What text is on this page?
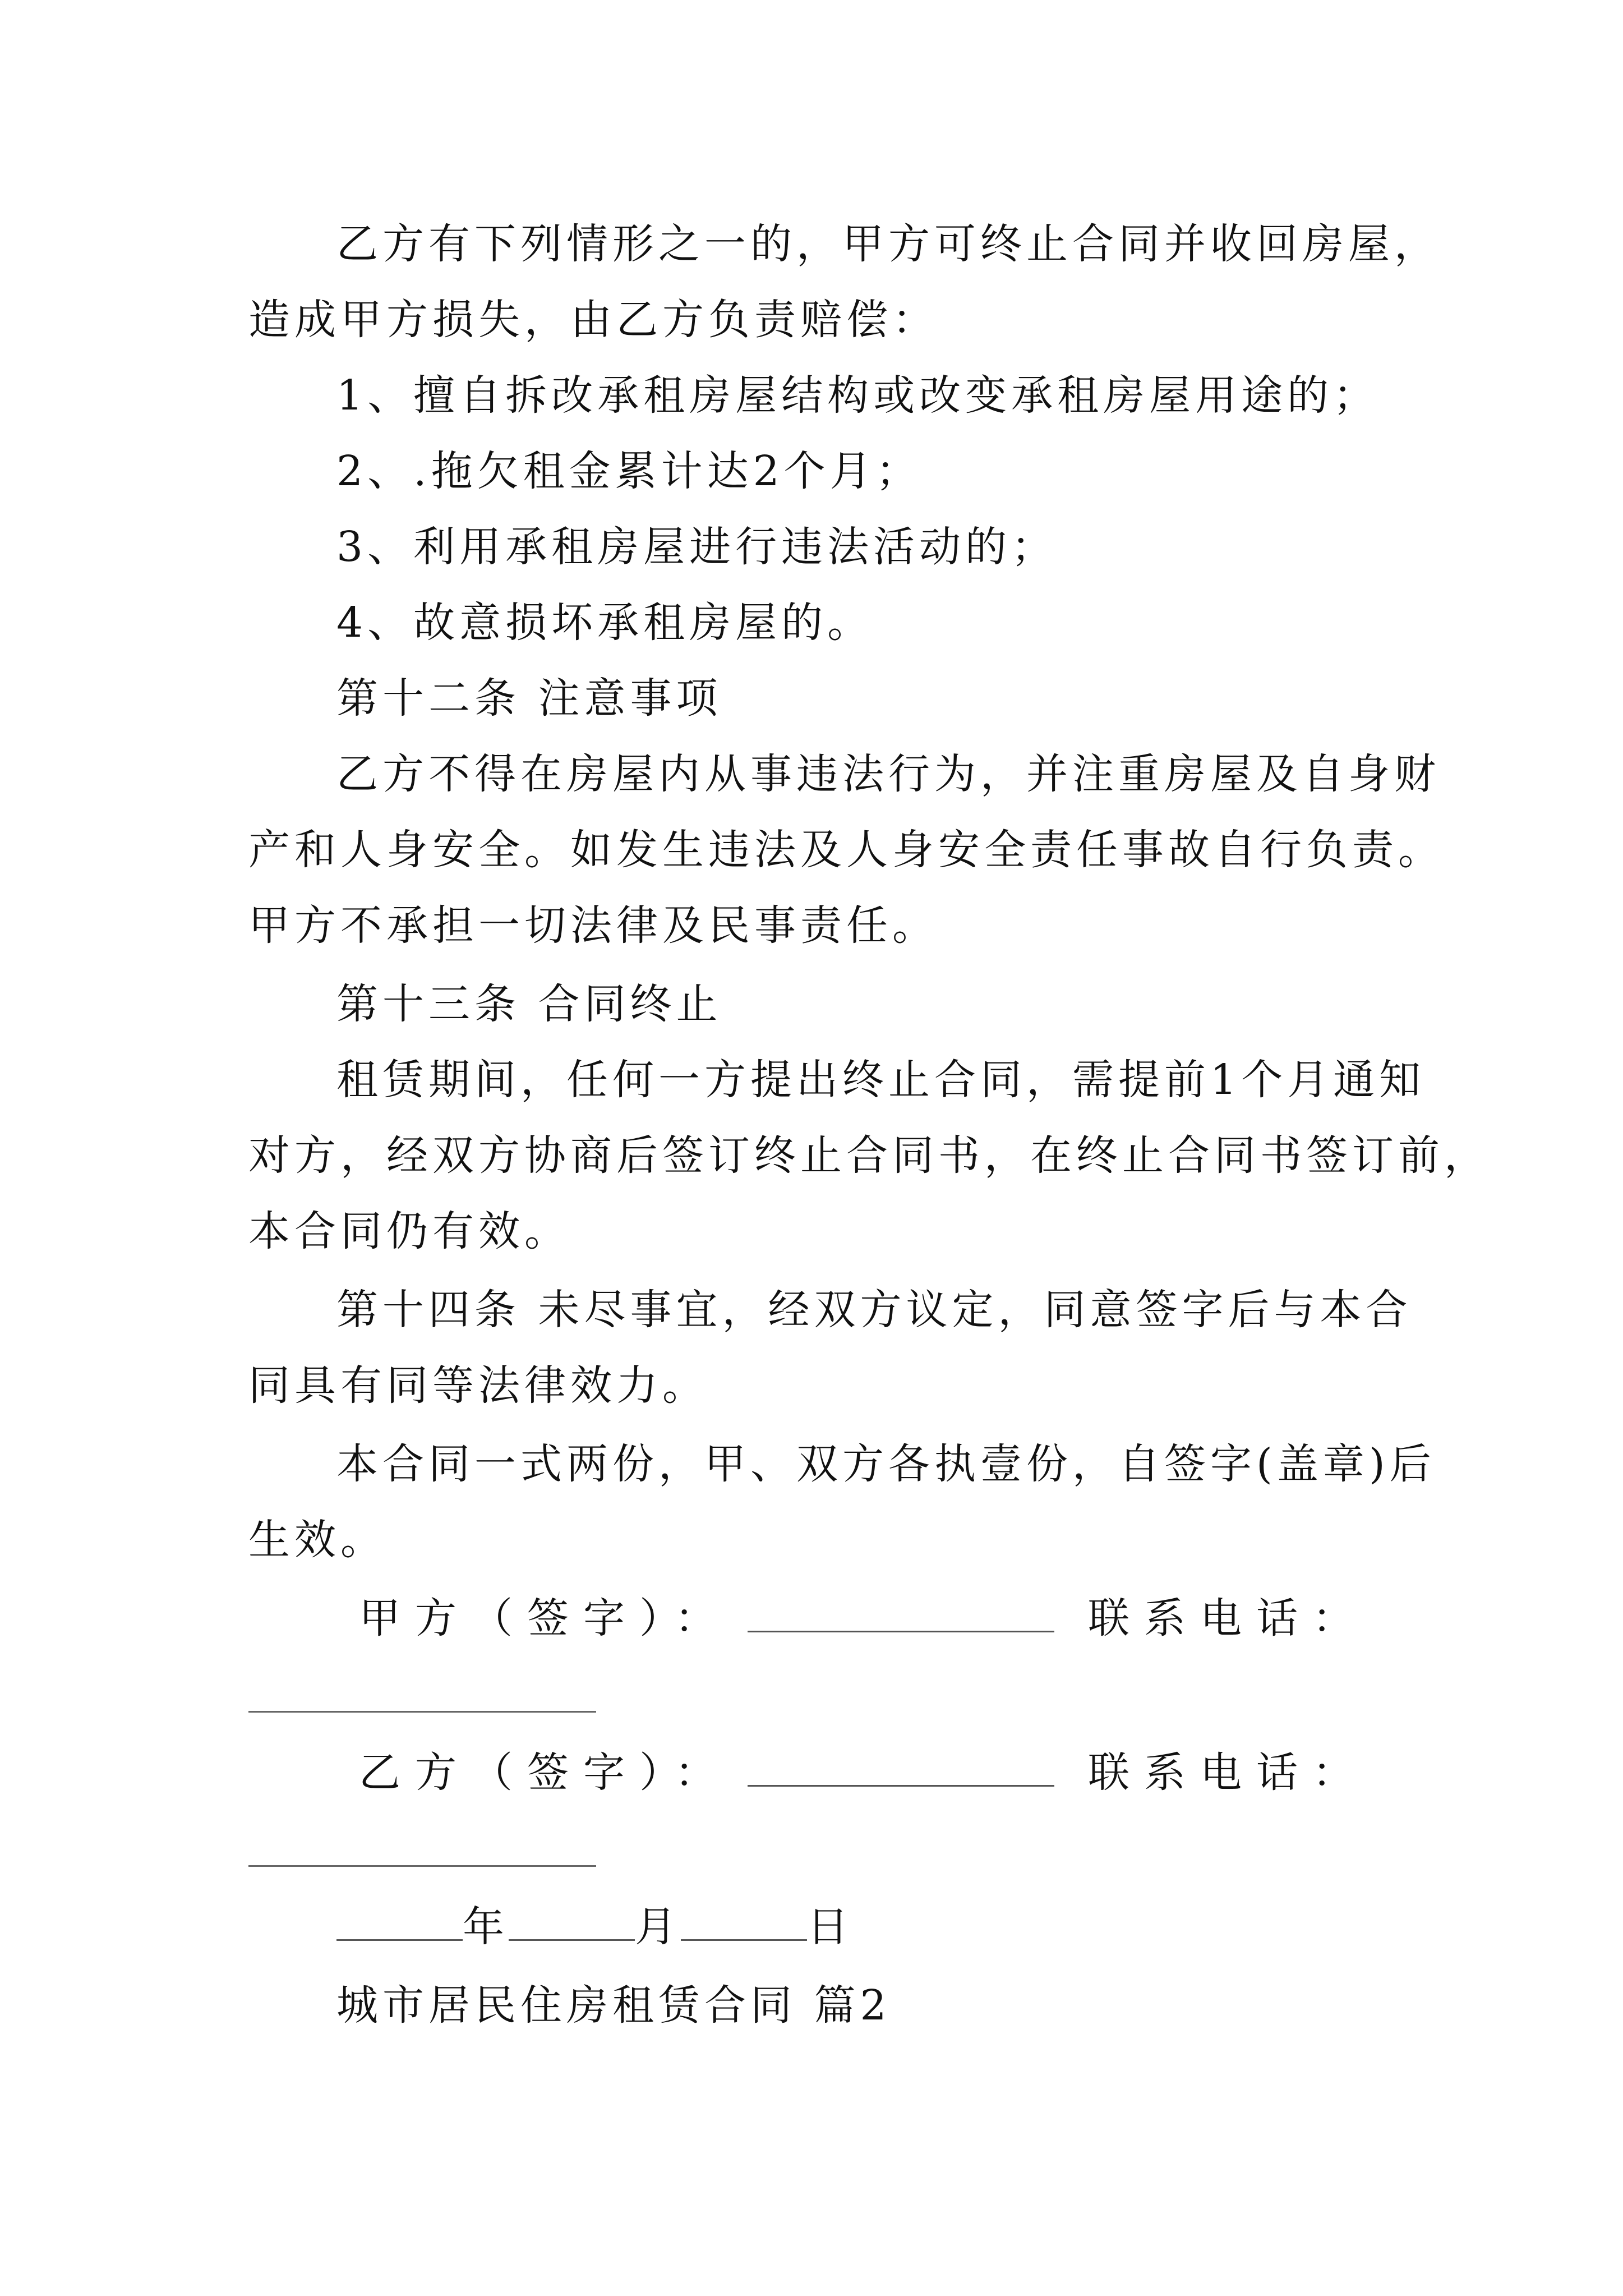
乙方有下列情形之一的，甲方可终止合同并收回房屋，
造成甲方损失，由乙方负责赔偿：
1、擅自拆改承租房屋结构或改变承租房屋用途的；
2、.拖欠租金累计达2个月；
3、利用承租房屋进行违法活动的；
4、故意损坏承租房屋的。
第十二条 注意事项
乙方不得在房屋内从事违法行为，并注重房屋及自身财
产和人身安全。如发生违法及人身安全责任事故自行负责。
甲方不承担一切法律及民事责任。
第十三条 合同终止
租赁期间，任何一方提出终止合同，需提前1个月通知
对方，经双方协商后签订终止合同书，在终止合同书签订前，
本合同仍有效。
第十四条 未尽事宜，经双方议定，同意签字后与本合
同具有同等法律效力。
本合同一式两份，甲、双方各执壹份，自签字(盖章)后
生效。
甲方（签字）：	联系电话：
乙方（签字）：	联系电话：
年	月	日
城市居民住房租赁合同 篇2
